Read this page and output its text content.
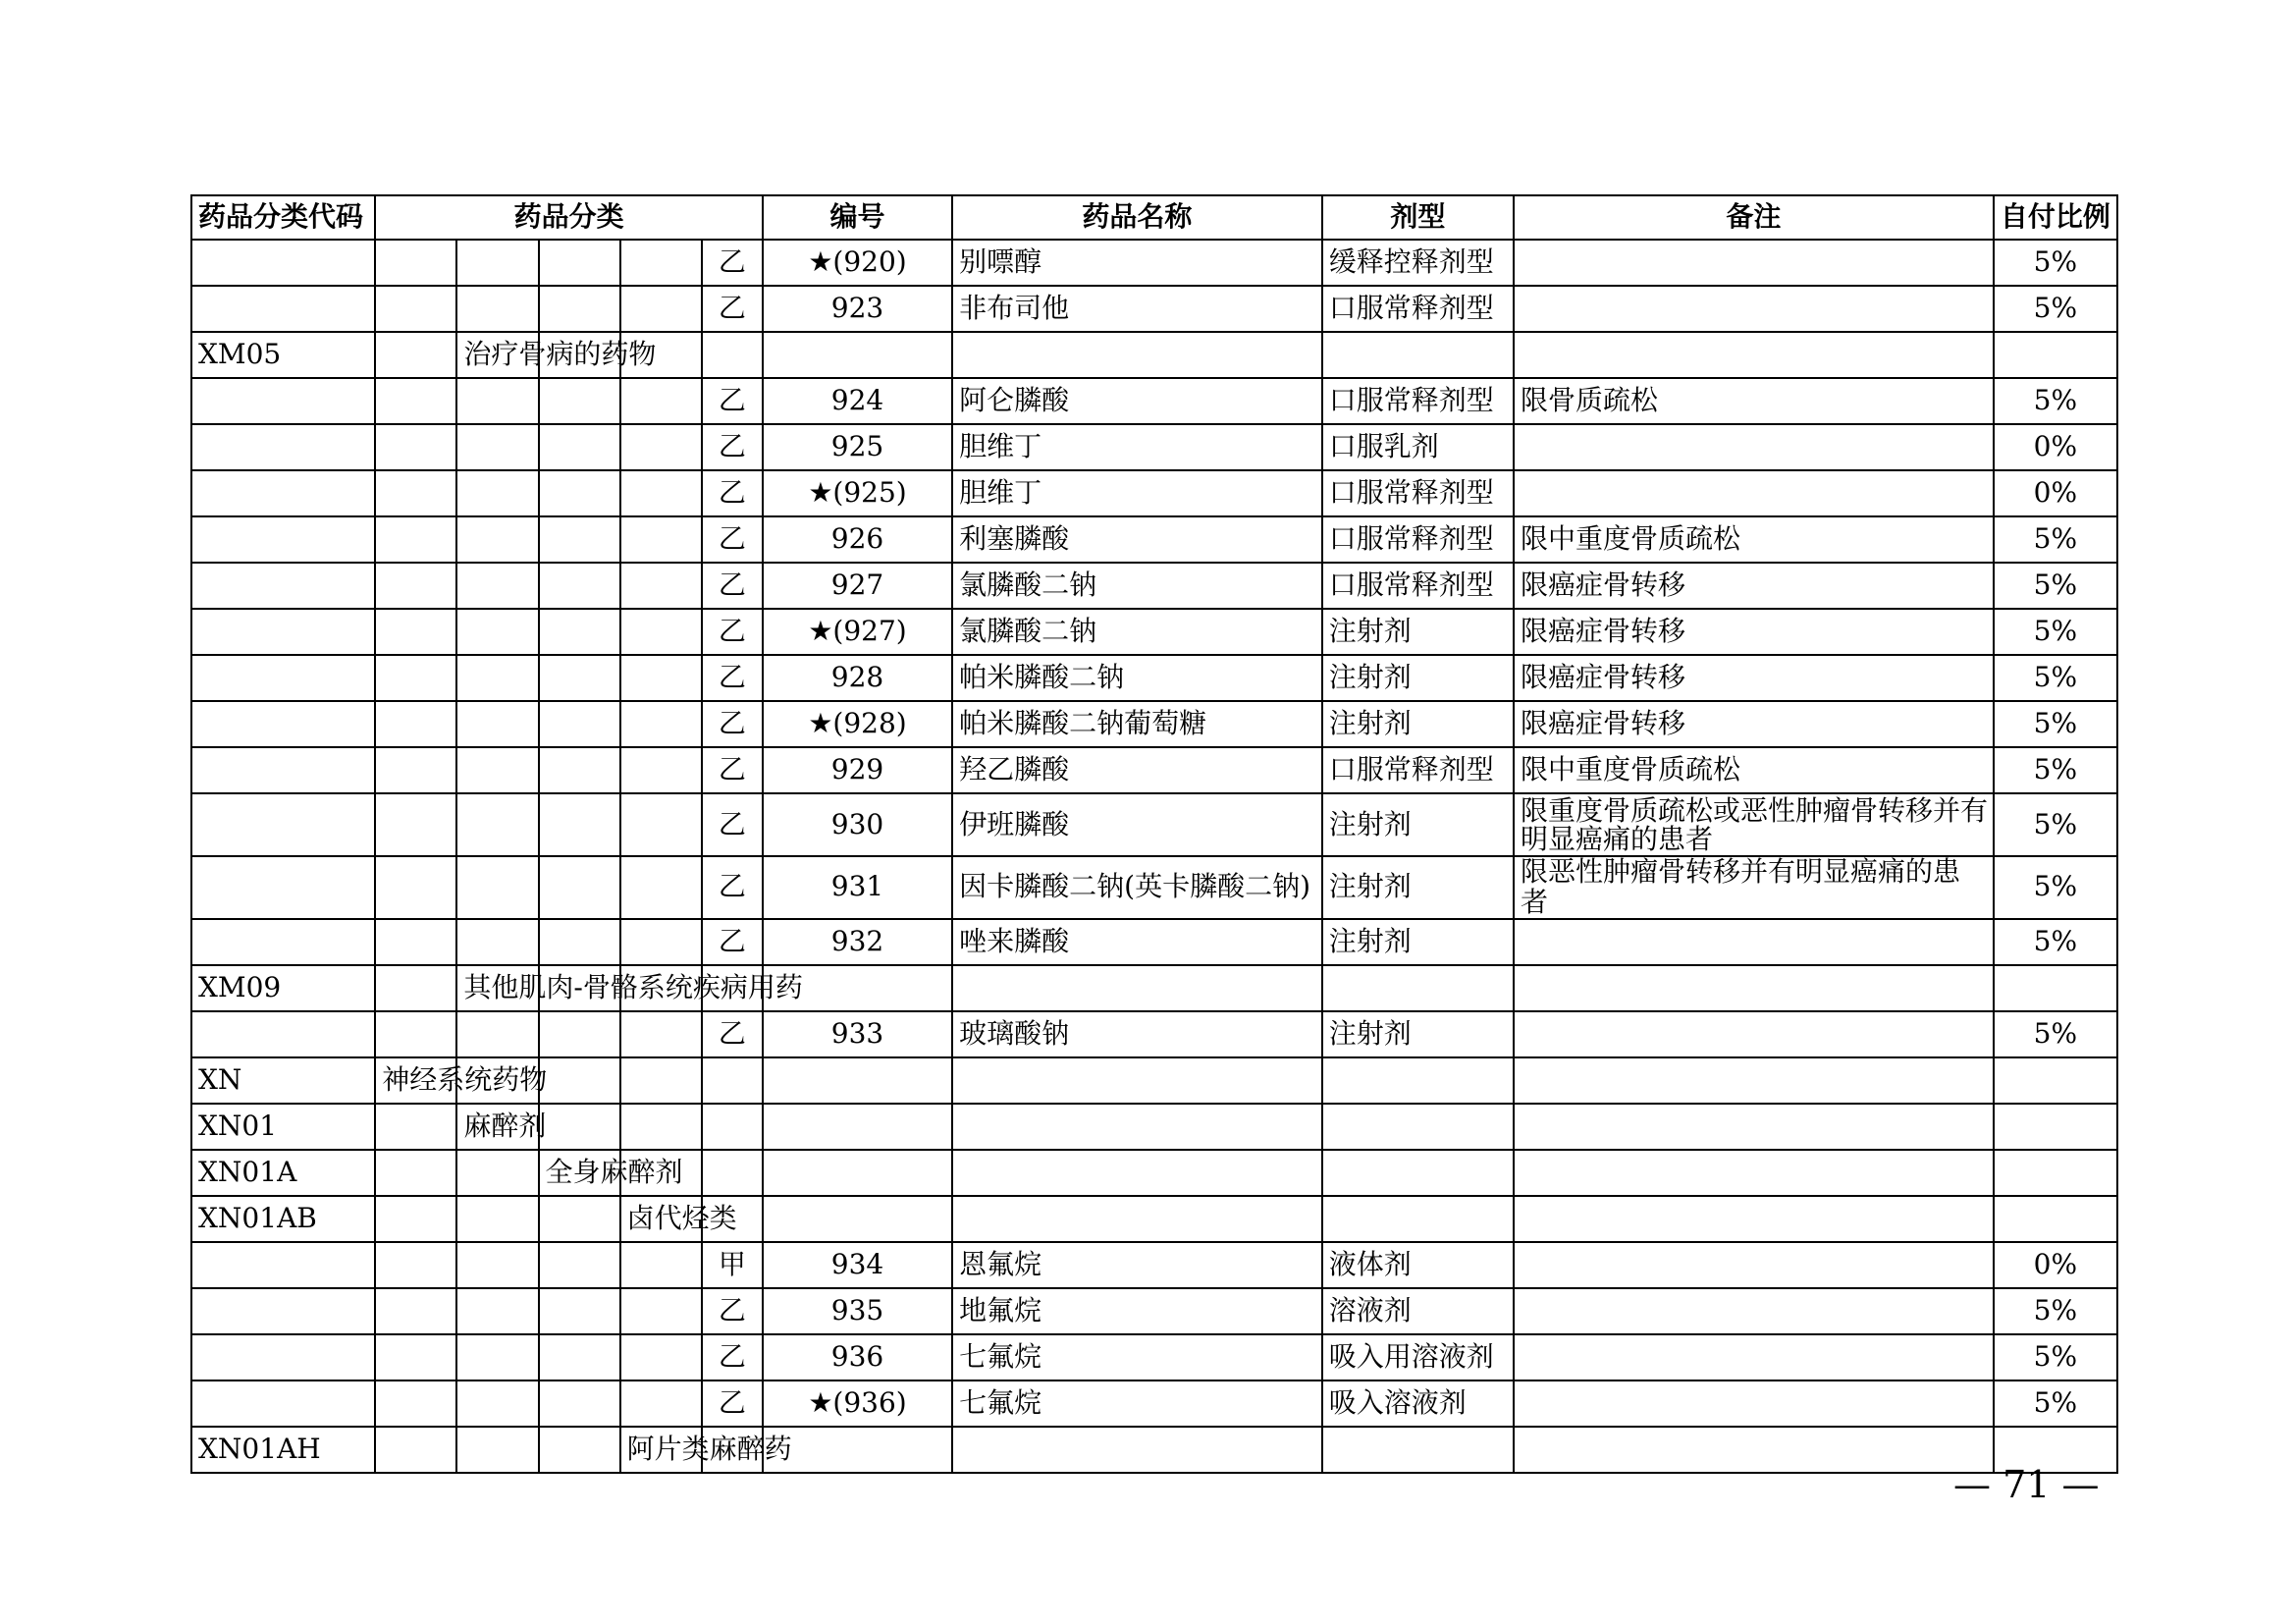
药品分类代码	药品分类					编号	药品名称	剂型	备注	自付比例
					乙	★(920)	别嘌醇	缓释控释剂型		5%
					乙	923	非布司他	口服常释剂型		5%
XM05		治疗骨病的药物								
					乙	924	阿仑膦酸	口服常释剂型	限骨质疏松	5%
					乙	925	胆维丁	口服乳剂		0%
					乙	★(925)	胆维丁	口服常释剂型		0%
					乙	926	利塞膦酸	口服常释剂型	限中重度骨质疏松	5%
					乙	927	氯膦酸二钠	口服常释剂型	限癌症骨转移	5%
					乙	★(927)	氯膦酸二钠	注射剂	限癌症骨转移	5%
					乙	928	帕米膦酸二钠	注射剂	限癌症骨转移	5%
					乙	★(928)	帕米膦酸二钠葡萄糖	注射剂	限癌症骨转移	5%
					乙	929	羟乙膦酸	口服常释剂型	限中重度骨质疏松	5%
					乙	930	伊班膦酸	注射剂	限重度骨质疏松或恶性肿瘤骨转移并有
明显癌痛的患者	5%
					乙	931	因卡膦酸二钠(英卡膦酸二钠)	注射剂	限恶性肿瘤骨转移并有明显癌痛的患者	5%
					乙	932	唑来膦酸	注射剂		5%
XM09		其他肌肉-骨骼系统疾病用药								
					乙	933	玻璃酸钠	注射剂		5%
XN	神经系统药物									
XN01		麻醉剂								
XN01A			全身麻醉剂							
XN01AB				卤代烃类						
					甲	934	恩氟烷	液体剂		0%
					乙	935	地氟烷	溶液剂		5%
					乙	936	七氟烷	吸入用溶液剂		5%
					乙	★(936)	七氟烷	吸入溶液剂		5%
XN01AH				阿片类麻醉药						
— 71 —
